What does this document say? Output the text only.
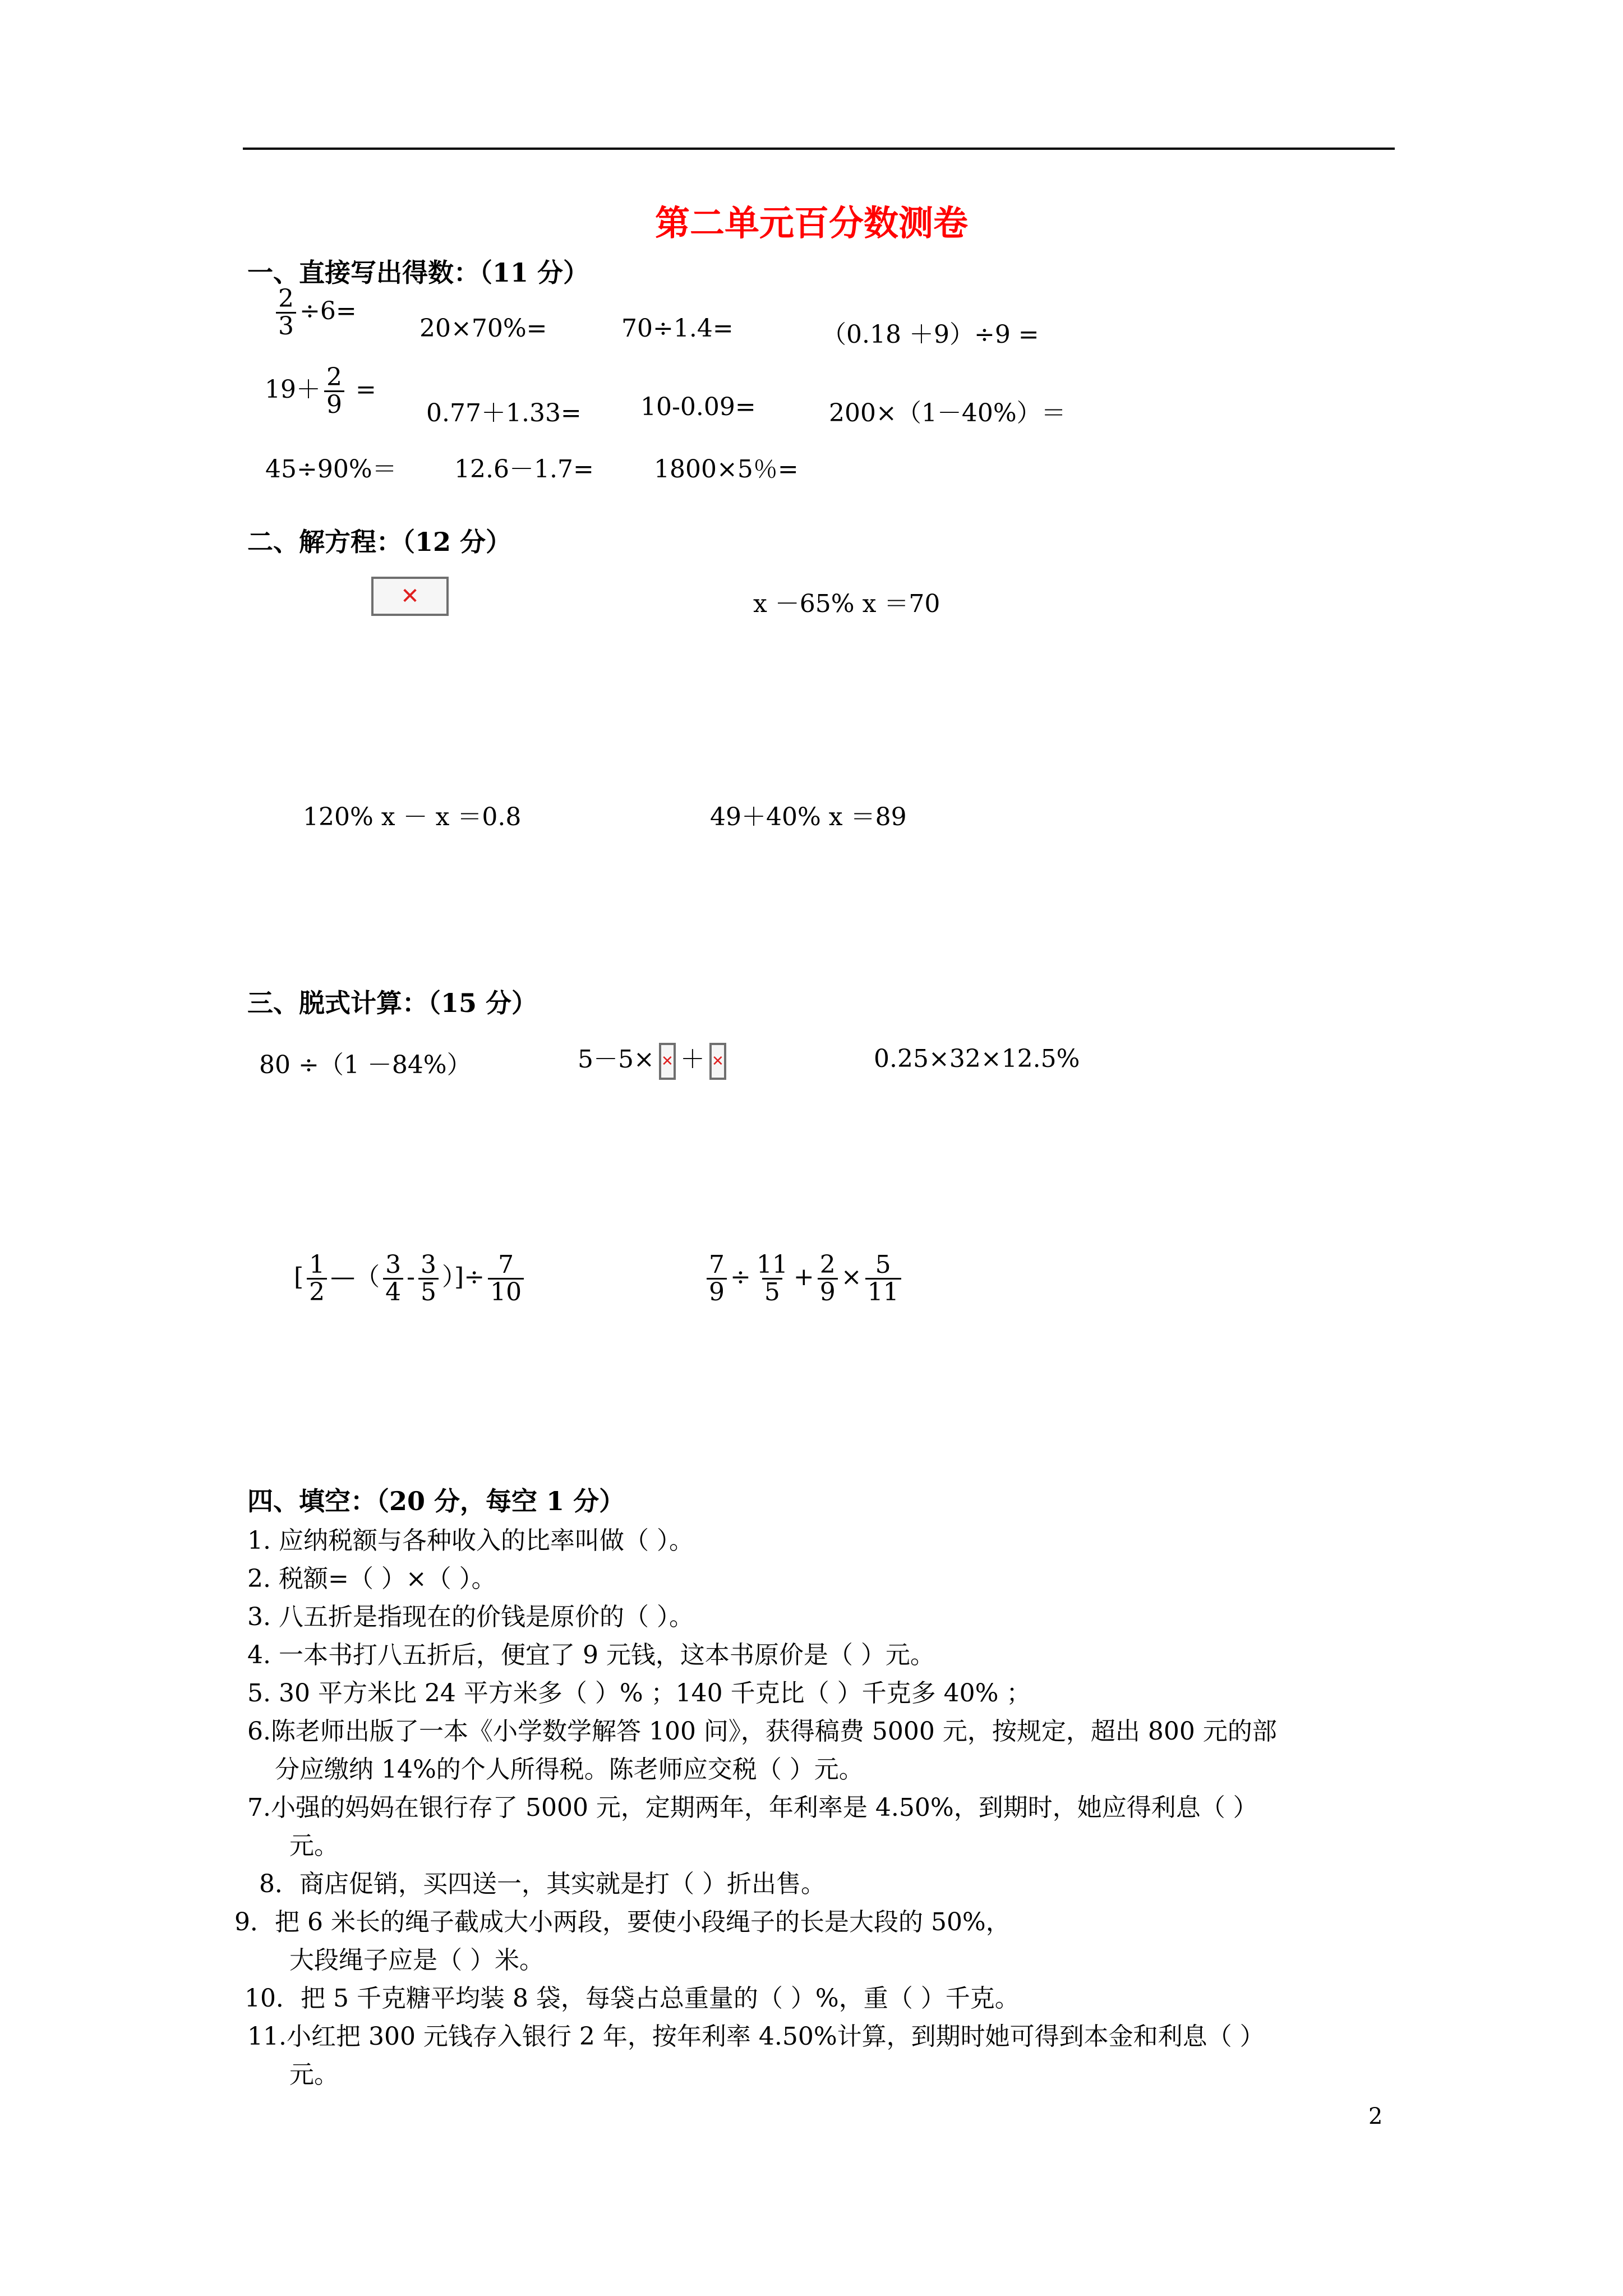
第二单元百分数测卷
一、直接写出得数：（11 分）
$\frac{2}{3} \div 6=$
20×70%=	70÷1.4=	（0.18 ＋9）÷9 =
$19+ \frac{2}{9}$ =
0.77＋1.33= 10-0.09=	200×（1－40%）＝
45÷90%＝ 12.6－1.7= 1800×5％=
二、解方程：（12 分）
✕	x －65% x ＝70
120% x － x ＝0.8	49＋40% x ＝89
三、脱式计算：（15 分）
80 ÷（1 －84%）	5－5× ✕ ＋ ✕	0.25×32×12.5%
[ $\frac{1}{2}$ —（ $\frac{3}{4} - \frac{3}{5}$ ）]÷ $\frac{7}{10}$	$\frac{7}{9} \div \frac{11}{5} + \frac{2}{9} \times \frac{5}{11}$
四、填空：（20 分，每空 1 分）
1. 应纳税额与各种收入的比率叫做（ ）。
2. 税额=（ ）×（ ）。
3. 八五折是指现在的价钱是原价的（ ）。
4. 一本书打八五折后，便宜了 9 元钱，这本书原价是（ ）元。
5. 30 平方米比 24 平方米多（ ）% ；140 千克比（ ）千克多 40% ；
6.陈老师出版了一本《小学数学解答 100 问》，获得稿费 5000 元，按规定，超出 800 元的部
分应缴纳 14%的个人所得税。陈老师应交税（ ）元。
7.小强的妈妈在银行存了 5000 元，定期两年，年利率是 4.50%，到期时，她应得利息（ ）
元。
8．商店促销，买四送一，其实就是打（ ）折出售。
9．把 6 米长的绳子截成大小两段，要使小段绳子的长是大段的 50%，
大段绳子应是（ ）米。
10．把 5 千克糖平均装 8 袋，每袋占总重量的（ ）%，重（ ）千克。
11.小红把 300 元钱存入银行 2 年，按年利率 4.50%计算，到期时她可得到本金和利息（ ）
元。
2
